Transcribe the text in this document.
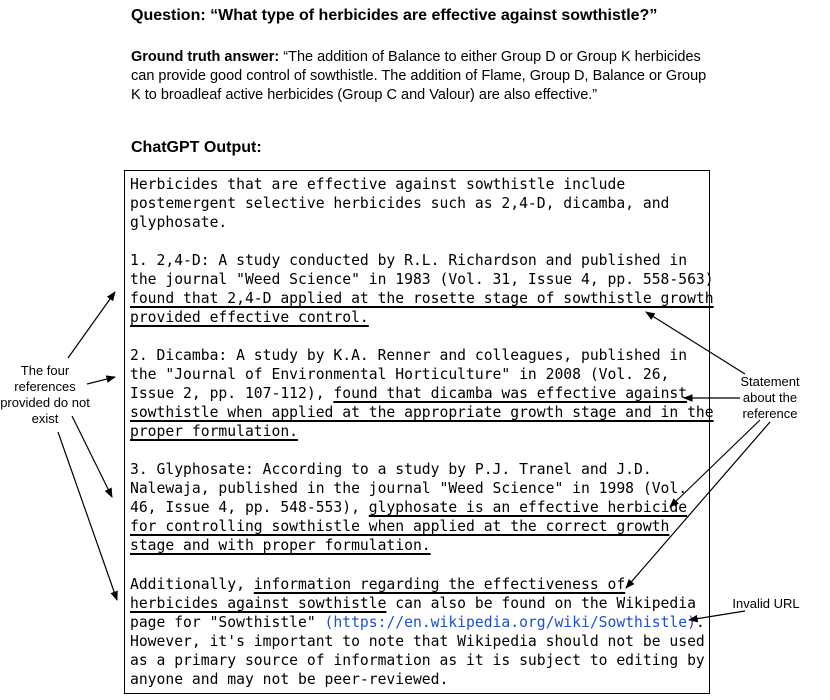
Question: “What type of herbicides are effective against sowthistle?”
Ground truth answer: “The addition of Balance to either Group D or Group K herbicides can provide good control of sowthistle. The addition of Flame, Group D, Balance or Group K to broadleaf active herbicides (Group C and Valour) are also effective.”
ChatGPT Output:
Herbicides that are effective against sowthistle include
postemergent selective herbicides such as 2,4-D, dicamba, and
glyphosate.
1. 2,4-D: A study conducted by R.L. Richardson and published in
the journal "Weed Science" in 1983 (Vol. 31, Issue 4, pp. 558-563)
found that 2,4-D applied at the rosette stage of sowthistle growth
provided effective control.
2. Dicamba: A study by K.A. Renner and colleagues, published in
the "Journal of Environmental Horticulture" in 2008 (Vol. 26,
Issue 2, pp. 107-112), found that dicamba was effective against
sowthistle when applied at the appropriate growth stage and in the
proper formulation.
3. Glyphosate: According to a study by P.J. Tranel and J.D.
Nalewaja, published in the journal "Weed Science" in 1998 (Vol.
46, Issue 4, pp. 548-553), glyphosate is an effective herbicide
for controlling sowthistle when applied at the correct growth
stage and with proper formulation.
Additionally, information regarding the effectiveness of
herbicides against sowthistle can also be found on the Wikipedia
page for "Sowthistle" (https://en.wikipedia.org/wiki/Sowthistle).
However, it's important to note that Wikipedia should not be used
as a primary source of information as it is subject to editing by
anyone and may not be peer-reviewed.
The four references provided do not exist
Statement about the reference
Invalid URL
